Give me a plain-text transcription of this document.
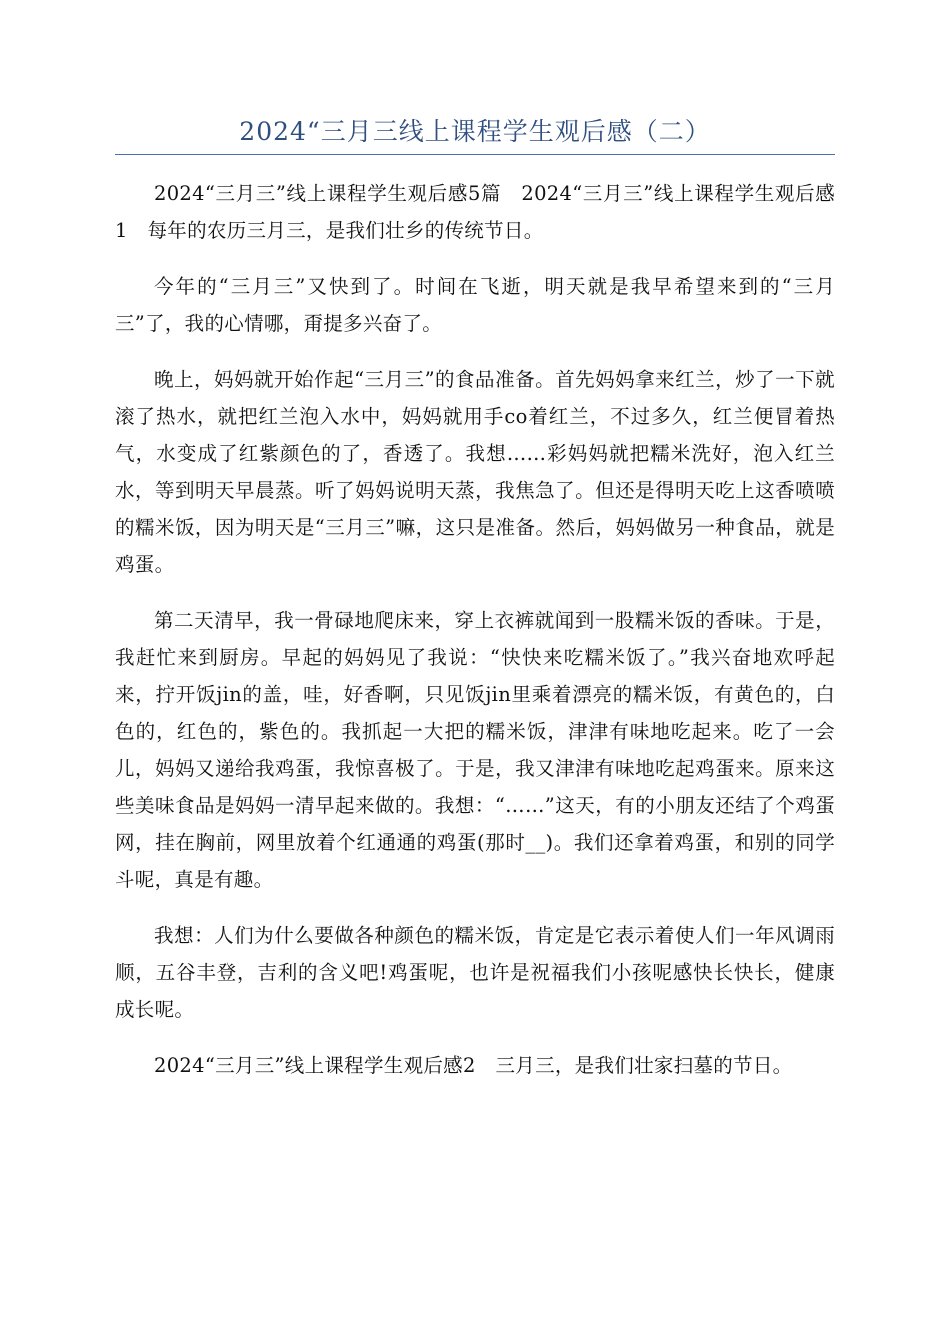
2024“三月三线上课程学生观后感（二）

2024“三月三”线上课程学生观后感5篇　2024“三月三”线上课程学生观后感1　每年的农历三月三，是我们壮乡的传统节日。

今年的“三月三”又快到了。时间在飞逝，明天就是我早希望来到的“三月三”了，我的心情哪，甭提多兴奋了。

晚上，妈妈就开始作起“三月三”的食品准备。首先妈妈拿来红兰，炒了一下就滚了热水，就把红兰泡入水中，妈妈就用手co着红兰，不过多久，红兰便冒着热气，水变成了红紫颜色的了，香透了。我想……彩妈妈就把糯米洗好，泡入红兰水，等到明天早晨蒸。听了妈妈说明天蒸，我焦急了。但还是得明天吃上这香喷喷的糯米饭，因为明天是“三月三”嘛，这只是准备。然后，妈妈做另一种食品，就是鸡蛋。

第二天清早，我一骨碌地爬床来，穿上衣裤就闻到一股糯米饭的香味。于是，我赶忙来到厨房。早起的妈妈见了我说：“快快来吃糯米饭了。”我兴奋地欢呼起来，拧开饭jin的盖，哇，好香啊，只见饭jin里乘着漂亮的糯米饭，有黄色的，白色的，红色的，紫色的。我抓起一大把的糯米饭，津津有味地吃起来。吃了一会儿，妈妈又递给我鸡蛋，我惊喜极了。于是，我又津津有味地吃起鸡蛋来。原来这些美味食品是妈妈一清早起来做的。我想：“……”这天，有的小朋友还结了个鸡蛋网，挂在胸前，网里放着个红通通的鸡蛋(那时__)。我们还拿着鸡蛋，和别的同学斗呢，真是有趣。

我想：人们为什么要做各种颜色的糯米饭，肯定是它表示着使人们一年风调雨顺，五谷丰登，吉利的含义吧!鸡蛋呢，也许是祝福我们小孩呢感快长快长，健康成长呢。

2024“三月三”线上课程学生观后感2　三月三，是我们壮家扫墓的节日。
